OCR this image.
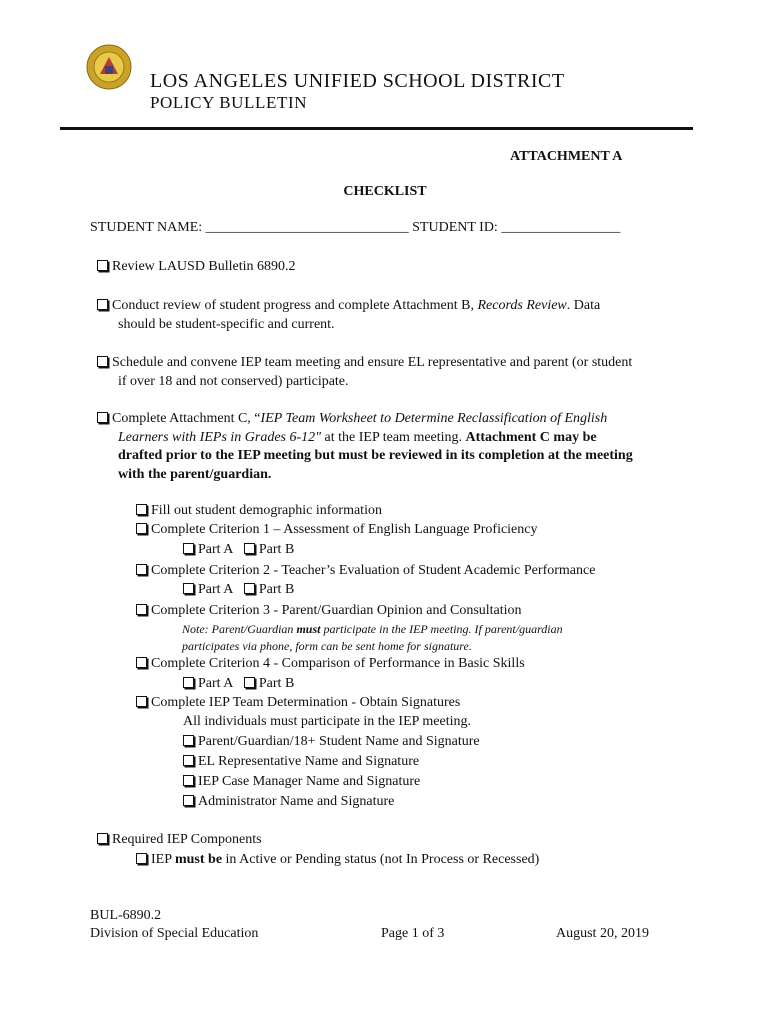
LOS ANGELES UNIFIED SCHOOL DISTRICT
POLICY BULLETIN
ATTACHMENT A
CHECKLIST
STUDENT NAME: _____________________________ STUDENT ID: _________________
Review LAUSD Bulletin 6890.2
Conduct review of student progress and complete Attachment B, Records Review. Data
should be student-specific and current.
Schedule and convene IEP team meeting and ensure EL representative and parent (or student
if over 18 and not conserved) participate.
Complete Attachment C, “IEP Team Worksheet to Determine Reclassification of English
Learners with IEPs in Grades 6-12" at the IEP team meeting. Attachment C may be
drafted prior to the IEP meeting but must be reviewed in its completion at the meeting
with the parent/guardian.
Fill out student demographic information
Complete Criterion 1 – Assessment of English Language Proficiency
Part A Part B
Complete Criterion 2 - Teacher’s Evaluation of Student Academic Performance
Part A Part B
Complete Criterion 3 - Parent/Guardian Opinion and Consultation
Note: Parent/Guardian must participate in the IEP meeting. If parent/guardian
participates via phone, form can be sent home for signature.
Complete Criterion 4 - Comparison of Performance in Basic Skills
Part A Part B
Complete IEP Team Determination - Obtain Signatures
All individuals must participate in the IEP meeting.
Parent/Guardian/18+ Student Name and Signature
EL Representative Name and Signature
IEP Case Manager Name and Signature
Administrator Name and Signature
Required IEP Components
IEP must be in Active or Pending status (not In Process or Recessed)
BUL-6890.2
Division of Special Education	Page 1 of 3	August 20, 2019
